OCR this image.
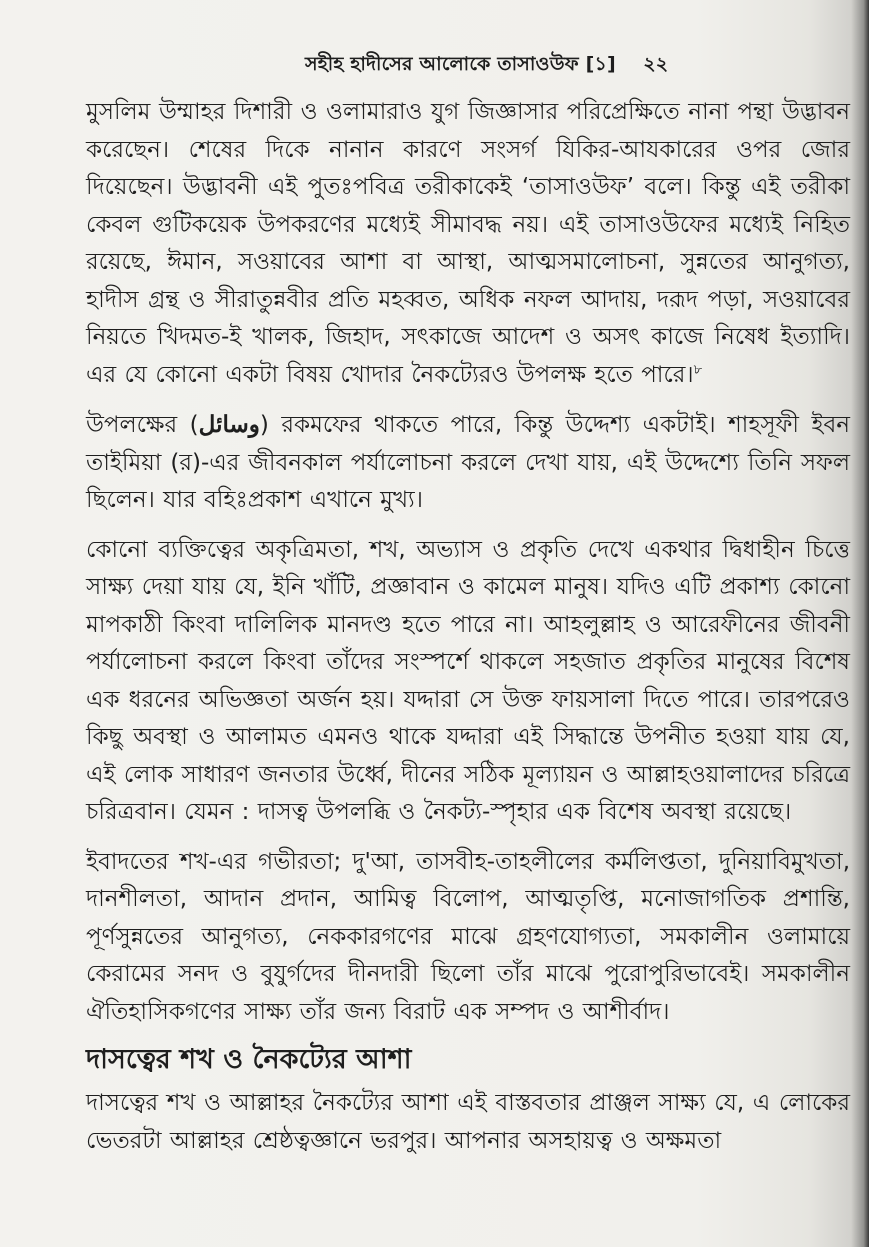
সহীহ হাদীসের আলোকে তাসাওউফ [১] ২২

মুসলিম উম্মাহর দিশারী ও ওলামারাও যুগ জিজ্ঞাসার পরিপ্রেক্ষিতে নানা পন্থা উদ্ভাবন করেছেন। শেষের দিকে নানান কারণে সংসর্গ যিকির-আযকারের ওপর জোর দিয়েছেন। উদ্ভাবনী এই পুতঃপবিত্র তরীকাকেই ‘তাসাওউফ’ বলে। কিন্তু এই তরীকা কেবল গুটিকয়েক উপকরণের মধ্যেই সীমাবদ্ধ নয়। এই তাসাওউফের মধ্যেই নিহিত রয়েছে, ঈমান, সওয়াবের আশা বা আস্থা, আত্মসমালোচনা, সুন্নতের আনুগত্য, হাদীস গ্রন্থ ও সীরাতুন্নবীর প্রতি মহব্বত, অধিক নফল আদায়, দরূদ পড়া, সওয়াবের নিয়তে খিদমত-ই খালক, জিহাদ, সৎকাজে আদেশ ও অসৎ কাজে নিষেধ ইত্যাদি। এর যে কোনো একটা বিষয় খোদার নৈকট্যেরও উপলক্ষ হতে পারে।$^৮$

উপলক্ষের (وسائل) রকমফের থাকতে পারে, কিন্তু উদ্দেশ্য একটাই। শাহসূফী ইবন তাইমিয়া (র)-এর জীবনকাল পর্যালোচনা করলে দেখা যায়, এই উদ্দেশ্যে তিনি সফল ছিলেন। যার বহিঃপ্রকাশ এখানে মুখ্য।

কোনো ব্যক্তিত্বের অকৃত্রিমতা, শখ, অভ্যাস ও প্রকৃতি দেখে একথার দ্বিধাহীন চিত্তে সাক্ষ্য দেয়া যায় যে, ইনি খাঁটি, প্রজ্ঞাবান ও কামেল মানুষ। যদিও এটি প্রকাশ্য কোনো মাপকাঠী কিংবা দালিলিক মানদণ্ড হতে পারে না। আহলুল্লাহ ও আরেফীনের জীবনী পর্যালোচনা করলে কিংবা তাঁদের সংস্পর্শে থাকলে সহজাত প্রকৃতির মানুষের বিশেষ এক ধরনের অভিজ্ঞতা অর্জন হয়। যদ্দারা সে উক্ত ফায়সালা দিতে পারে। তারপরেও কিছু অবস্থা ও আলামত এমনও থাকে যদ্দারা এই সিদ্ধান্তে উপনীত হওয়া যায় যে, এই লোক সাধারণ জনতার উর্ধ্বে, দীনের সঠিক মূল্যায়ন ও আল্লাহওয়ালাদের চরিত্রে চরিত্রবান। যেমন : দাসত্ব উপলব্ধি ও নৈকট্য-স্পৃহার এক বিশেষ অবস্থা রয়েছে।

ইবাদতের শখ-এর গভীরতা; দু'আ, তাসবীহ-তাহলীলের কর্মলিপ্ততা, দুনিয়াবিমুখতা, দানশীলতা, আদান প্রদান, আমিত্ব বিলোপ, আত্মতৃপ্তি, মনোজাগতিক প্রশান্তি, পূর্ণসুন্নতের আনুগত্য, নেককারগণের মাঝে গ্রহণযোগ্যতা, সমকালীন ওলামায়ে কেরামের সনদ ও বুযুর্গদের দীনদারী ছিলো তাঁর মাঝে পুরোপুরিভাবেই। সমকালীন ঐতিহাসিকগণের সাক্ষ্য তাঁর জন্য বিরাট এক সম্পদ ও আশীর্বাদ।

দাসত্বের শখ ও নৈকট্যের আশা

দাসত্বের শখ ও আল্লাহর নৈকট্যের আশা এই বাস্তবতার প্রাঞ্জল সাক্ষ্য যে, এ লোকের ভেতরটা আল্লাহর শ্রেষ্ঠত্বজ্ঞানে ভরপুর। আপনার অসহায়ত্ব ও অক্ষমতা
